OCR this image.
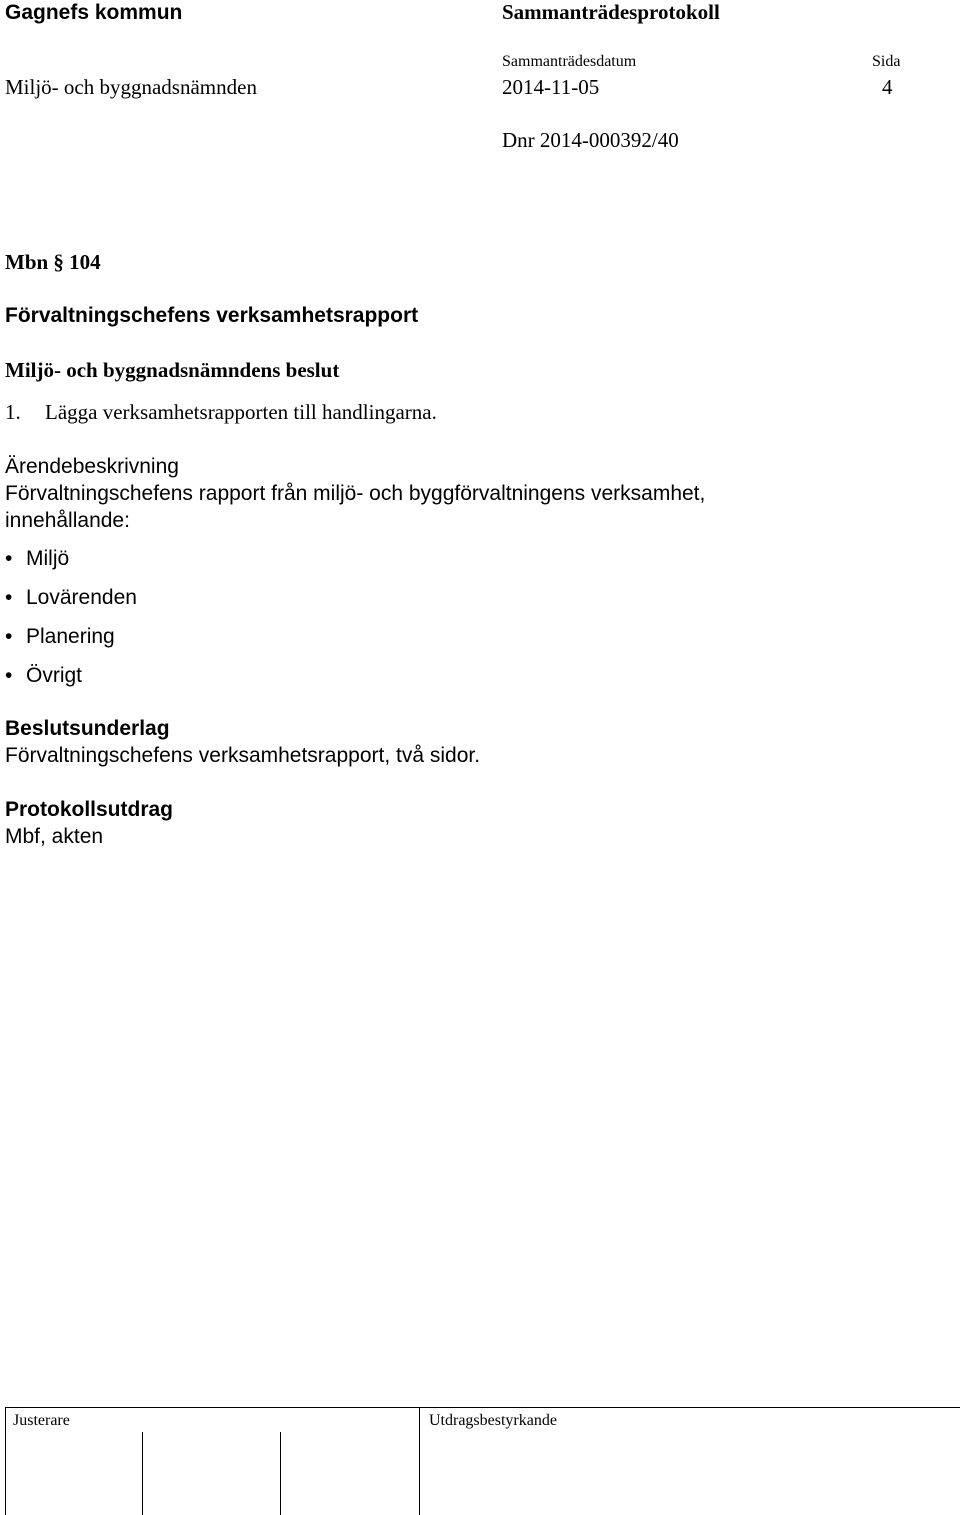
Gagnefs kommun	Sammanträdesprotokoll
Sammanträdesdatum	Sida
Miljö- och byggnadsnämnden	2014-11-05	4
Dnr 2014-000392/40
Mbn § 104
Förvaltningschefens verksamhetsrapport
Miljö- och byggnadsnämndens beslut
1. Lägga verksamhetsrapporten till handlingarna.
Ärendebeskrivning
Förvaltningschefens rapport från miljö- och byggförvaltningens verksamhet,
innehållande:
• Miljö
• Lovärenden
• Planering
• Övrigt
Beslutsunderlag
Förvaltningschefens verksamhetsrapport, två sidor.
Protokollsutdrag
Mbf, akten
Justerare	Utdragsbestyrkande
